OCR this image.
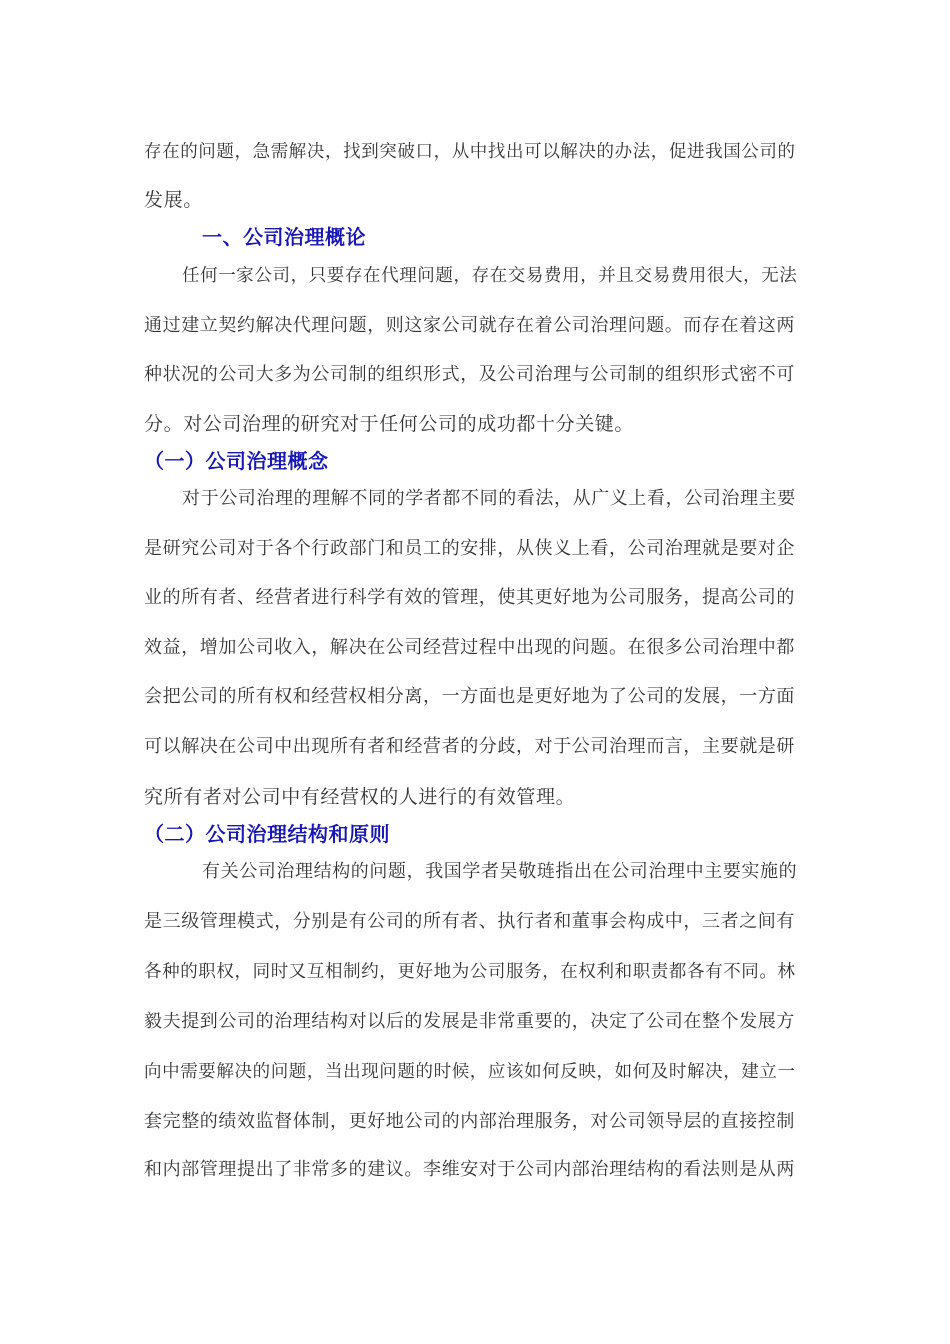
存在的问题，急需解决，找到突破口，从中找出可以解决的办法，促进我国公司的
发展。
一、公司治理概论
任何一家公司，只要存在代理问题，存在交易费用，并且交易费用很大，无法
通过建立契约解决代理问题，则这家公司就存在着公司治理问题。而存在着这两
种状况的公司大多为公司制的组织形式，及公司治理与公司制的组织形式密不可
分。对公司治理的研究对于任何公司的成功都十分关键。
（一）公司治理概念
对于公司治理的理解不同的学者都不同的看法，从广义上看，公司治理主要
是研究公司对于各个行政部门和员工的安排，从侠义上看，公司治理就是要对企
业的所有者、经营者进行科学有效的管理，使其更好地为公司服务，提高公司的
效益，增加公司收入，解决在公司经营过程中出现的问题。在很多公司治理中都
会把公司的所有权和经营权相分离，一方面也是更好地为了公司的发展，一方面
可以解决在公司中出现所有者和经营者的分歧，对于公司治理而言，主要就是研
究所有者对公司中有经营权的人进行的有效管理。
（二）公司治理结构和原则
有关公司治理结构的问题，我国学者吴敬琏指出在公司治理中主要实施的
是三级管理模式，分别是有公司的所有者、执行者和董事会构成中，三者之间有
各种的职权，同时又互相制约，更好地为公司服务，在权利和职责都各有不同。林
毅夫提到公司的治理结构对以后的发展是非常重要的，决定了公司在整个发展方
向中需要解决的问题，当出现问题的时候，应该如何反映，如何及时解决，建立一
套完整的绩效监督体制，更好地公司的内部治理服务，对公司领导层的直接控制
和内部管理提出了非常多的建议。李维安对于公司内部治理结构的看法则是从两
